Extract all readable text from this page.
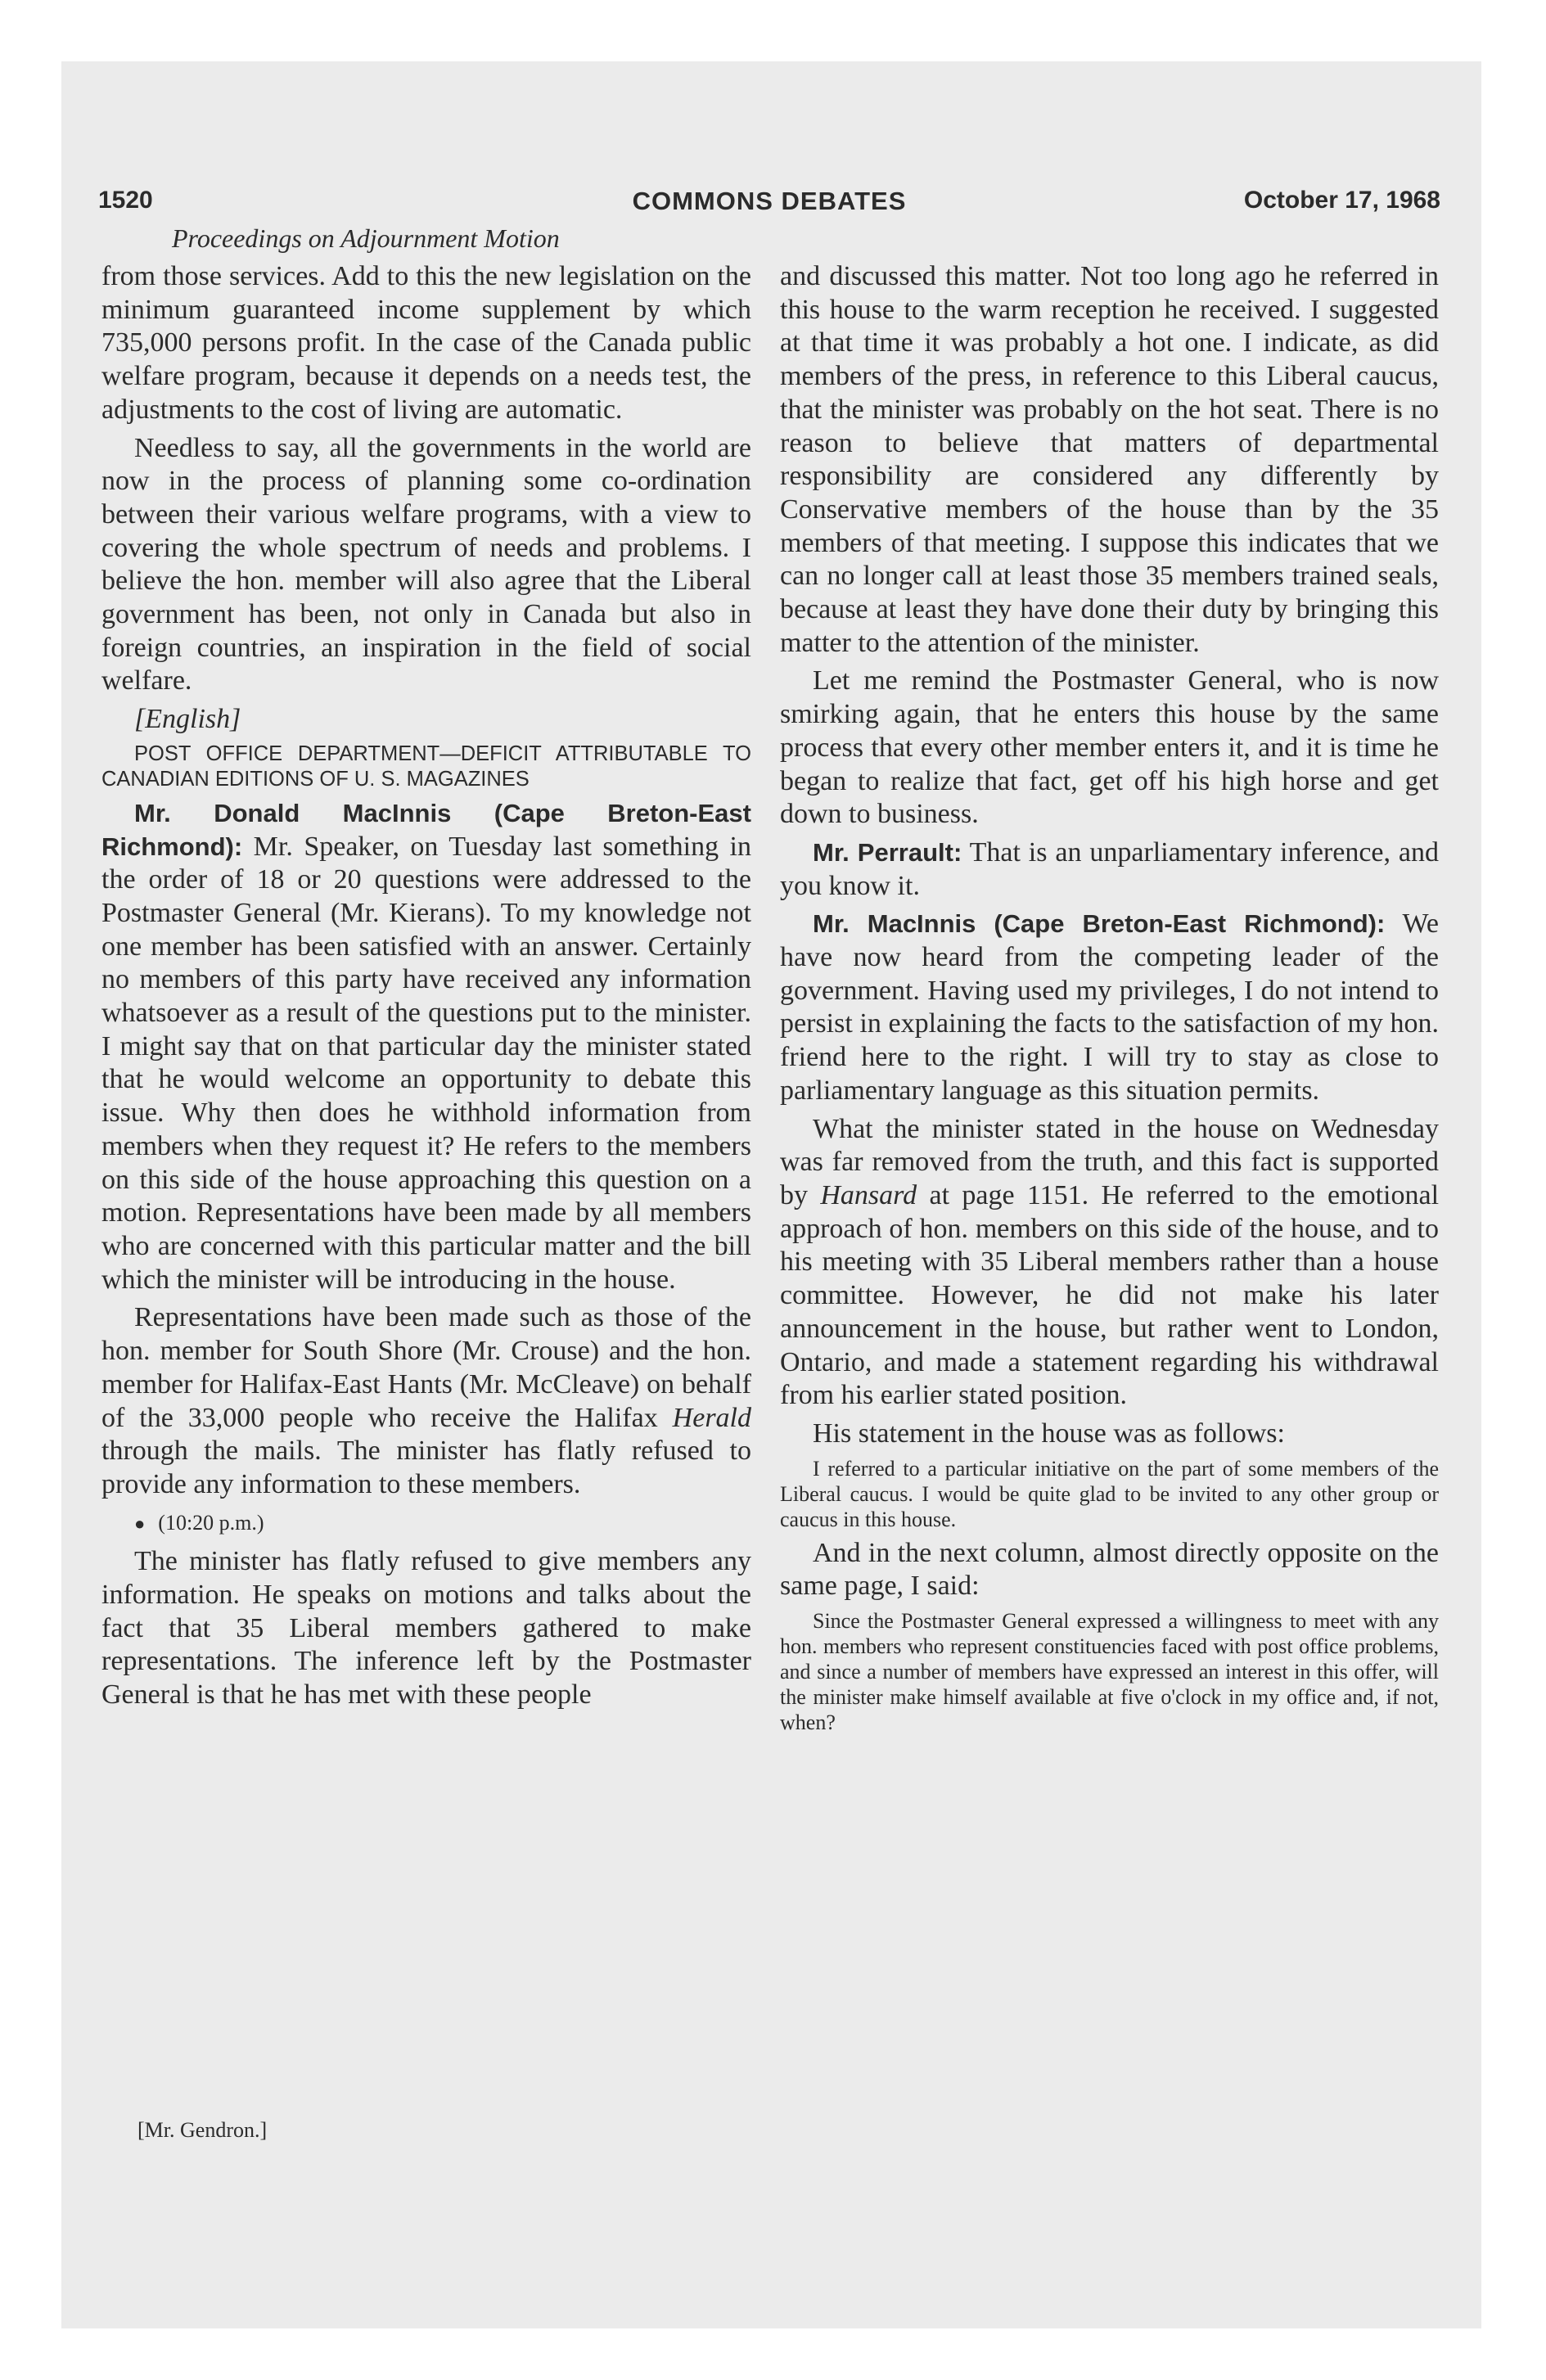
1520	COMMONS DEBATES	October 17, 1968
Proceedings on Adjournment Motion

from those services. Add to this the new legislation on the minimum guaranteed income supplement by which 735,000 persons profit. In the case of the Canada public welfare program, because it depends on a needs test, the adjustments to the cost of living are automatic.

Needless to say, all the governments in the world are now in the process of planning some co-ordination between their various welfare programs, with a view to covering the whole spectrum of needs and problems. I believe the hon. member will also agree that the Liberal government has been, not only in Canada but also in foreign countries, an inspiration in the field of social welfare.

[English]

POST OFFICE DEPARTMENT—DEFICIT ATTRIBUTABLE TO CANADIAN EDITIONS OF U. S. MAGAZINES

Mr. Donald MacInnis (Cape Breton-East Richmond): Mr. Speaker, on Tuesday last something in the order of 18 or 20 questions were addressed to the Postmaster General (Mr. Kierans). To my knowledge not one member has been satisfied with an answer. Certainly no members of this party have received any information whatsoever as a result of the questions put to the minister. I might say that on that particular day the minister stated that he would welcome an opportunity to debate this issue. Why then does he withhold information from members when they request it? He refers to the members on this side of the house approaching this question on a motion. Representations have been made by all members who are concerned with this particular matter and the bill which the minister will be introducing in the house.

Representations have been made such as those of the hon. member for South Shore (Mr. Crouse) and the hon. member for Halifax-East Hants (Mr. McCleave) on behalf of the 33,000 people who receive the Halifax Herald through the mails. The minister has flatly refused to provide any information to these members.

● (10:20 p.m.)

The minister has flatly refused to give members any information. He speaks on motions and talks about the fact that 35 Liberal members gathered to make representations. The inference left by the Postmaster General is that he has met with these people

and discussed this matter. Not too long ago he referred in this house to the warm reception he received. I suggested at that time it was probably a hot one. I indicate, as did members of the press, in reference to this Liberal caucus, that the minister was probably on the hot seat. There is no reason to believe that matters of departmental responsibility are considered any differently by Conservative members of the house than by the 35 members of that meeting. I suppose this indicates that we can no longer call at least those 35 members trained seals, because at least they have done their duty by bringing this matter to the attention of the minister.

Let me remind the Postmaster General, who is now smirking again, that he enters this house by the same process that every other member enters it, and it is time he began to realize that fact, get off his high horse and get down to business.

Mr. Perrault: That is an unparliamentary inference, and you know it.

Mr. MacInnis (Cape Breton-East Richmond): We have now heard from the competing leader of the government. Having used my privileges, I do not intend to persist in explaining the facts to the satisfaction of my hon. friend here to the right. I will try to stay as close to parliamentary language as this situation permits.

What the minister stated in the house on Wednesday was far removed from the truth, and this fact is supported by Hansard at page 1151. He referred to the emotional approach of hon. members on this side of the house, and to his meeting with 35 Liberal members rather than a house committee. However, he did not make his later announcement in the house, but rather went to London, Ontario, and made a statement regarding his withdrawal from his earlier stated position.

His statement in the house was as follows:

I referred to a particular initiative on the part of some members of the Liberal caucus. I would be quite glad to be invited to any other group or caucus in this house.

And in the next column, almost directly opposite on the same page, I said:

Since the Postmaster General expressed a willingness to meet with any hon. members who represent constituencies faced with post office problems, and since a number of members have expressed an interest in this offer, will the minister make himself available at five o'clock in my office and, if not, when?

[Mr. Gendron.]
